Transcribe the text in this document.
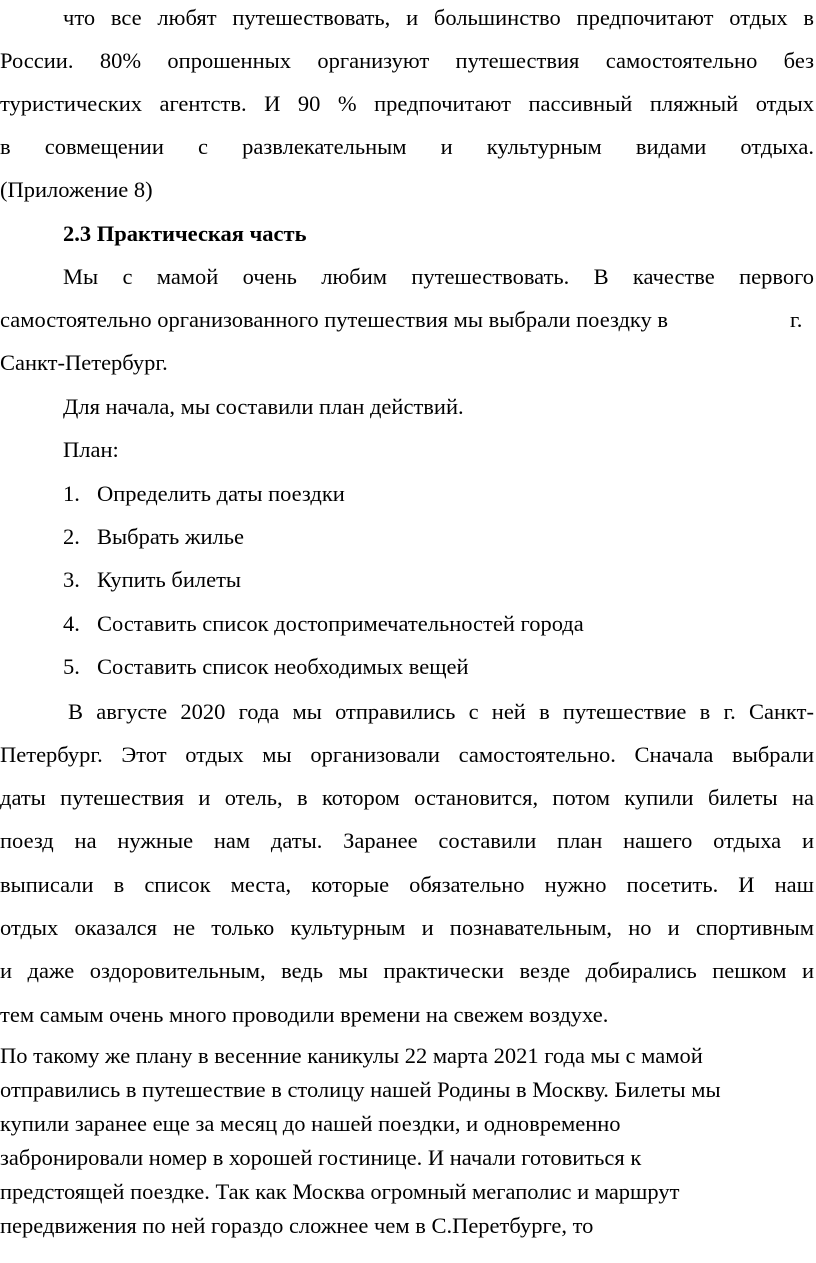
что все любят путешествовать, и большинство предпочитают отдых в
России. 80% опрошенных организуют путешествия самостоятельно без
туристических агентств. И 90 % предпочитают пассивный пляжный отдых
в совмещении с развлекательным и культурным видами отдыха.
(Приложение 8)
2.3 Практическая часть
Мы с мамой очень любим путешествовать. В качестве первого
самостоятельно организованного путешествия мы выбрали поездку в	г.
Санкт-Петербург.
Для начала, мы составили план действий.
План:
1. Определить даты поездки
2. Выбрать жилье
3. Купить билеты
4. Составить список достопримечательностей города
5. Составить список необходимых вещей
В августе 2020 года мы отправились с ней в путешествие в г. Санкт-
Петербург. Этот отдых мы организовали самостоятельно. Сначала выбрали
даты путешествия и отель, в котором остановится, потом купили билеты на
поезд на нужные нам даты. Заранее составили план нашего отдыха и
выписали в список места, которые обязательно нужно посетить. И наш
отдых оказался не только культурным и познавательным, но и спортивным
и даже оздоровительным, ведь мы практически везде добирались пешком и
тем самым очень много проводили времени на свежем воздухе.
По такому же плану в весенние каникулы 22 марта 2021 года мы с мамой
отправились в путешествие в столицу нашей Родины в Москву. Билеты мы
купили заранее еще за месяц до нашей поездки, и одновременно
забронировали номер в хорошей гостинице. И начали готовиться к
предстоящей поездке. Так как Москва огромный мегаполис и маршрут
передвижения по ней гораздо сложнее чем в С.Перетбурге, то
